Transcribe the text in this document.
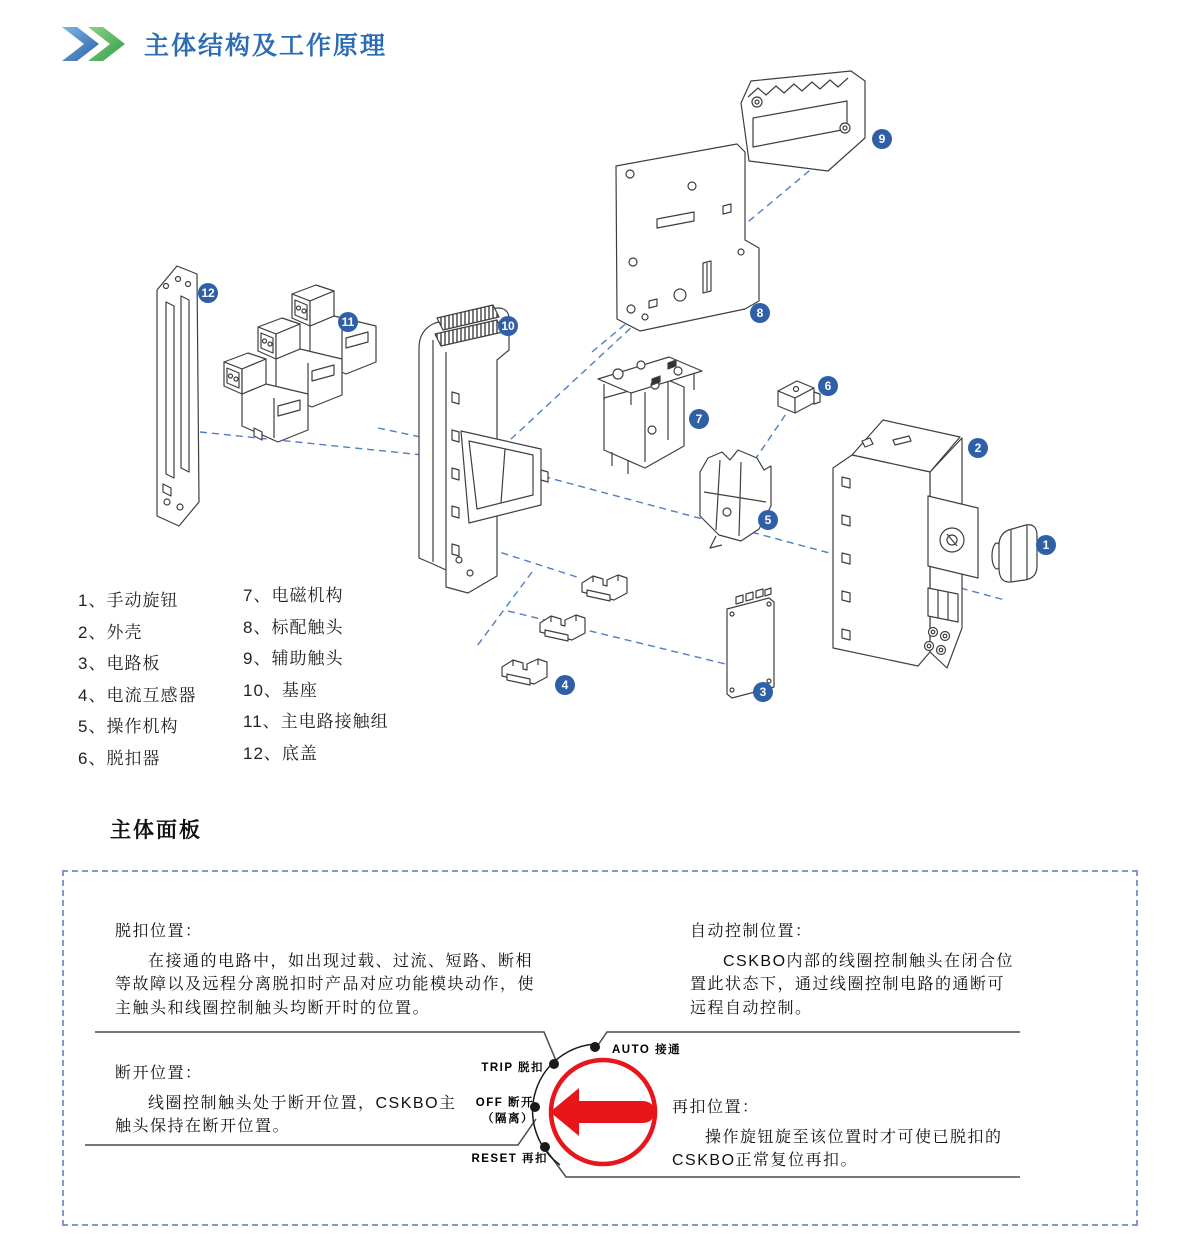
主体结构及工作原理
1
2
3
4
5
6
7
8
9
10
11
12
1、手动旋钮
2、外壳
3、电路板
4、电流互感器
5、操作机构
6、脱扣器
7、电磁机构
8、标配触头
9、辅助触头
10、基座
11、主电路接触组
12、底盖
主体面板
脱扣位置：
在接通的电路中，如出现过载、过流、短路、断相
等故障以及远程分离脱扣时产品对应功能模块动作，使
主触头和线圈控制触头均断开时的位置。
自动控制位置：
CSKBO内部的线圈控制触头在闭合位
置此状态下，通过线圈控制电路的通断可
远程自动控制。
断开位置：
线圈控制触头处于断开位置，CSKBO主
触头保持在断开位置。
再扣位置：
操作旋钮旋至该位置时才可使已脱扣的
CSKBO正常复位再扣。
AUTO 接通
TRIP 脱扣
OFF 断开
（隔离）
RESET 再扣
